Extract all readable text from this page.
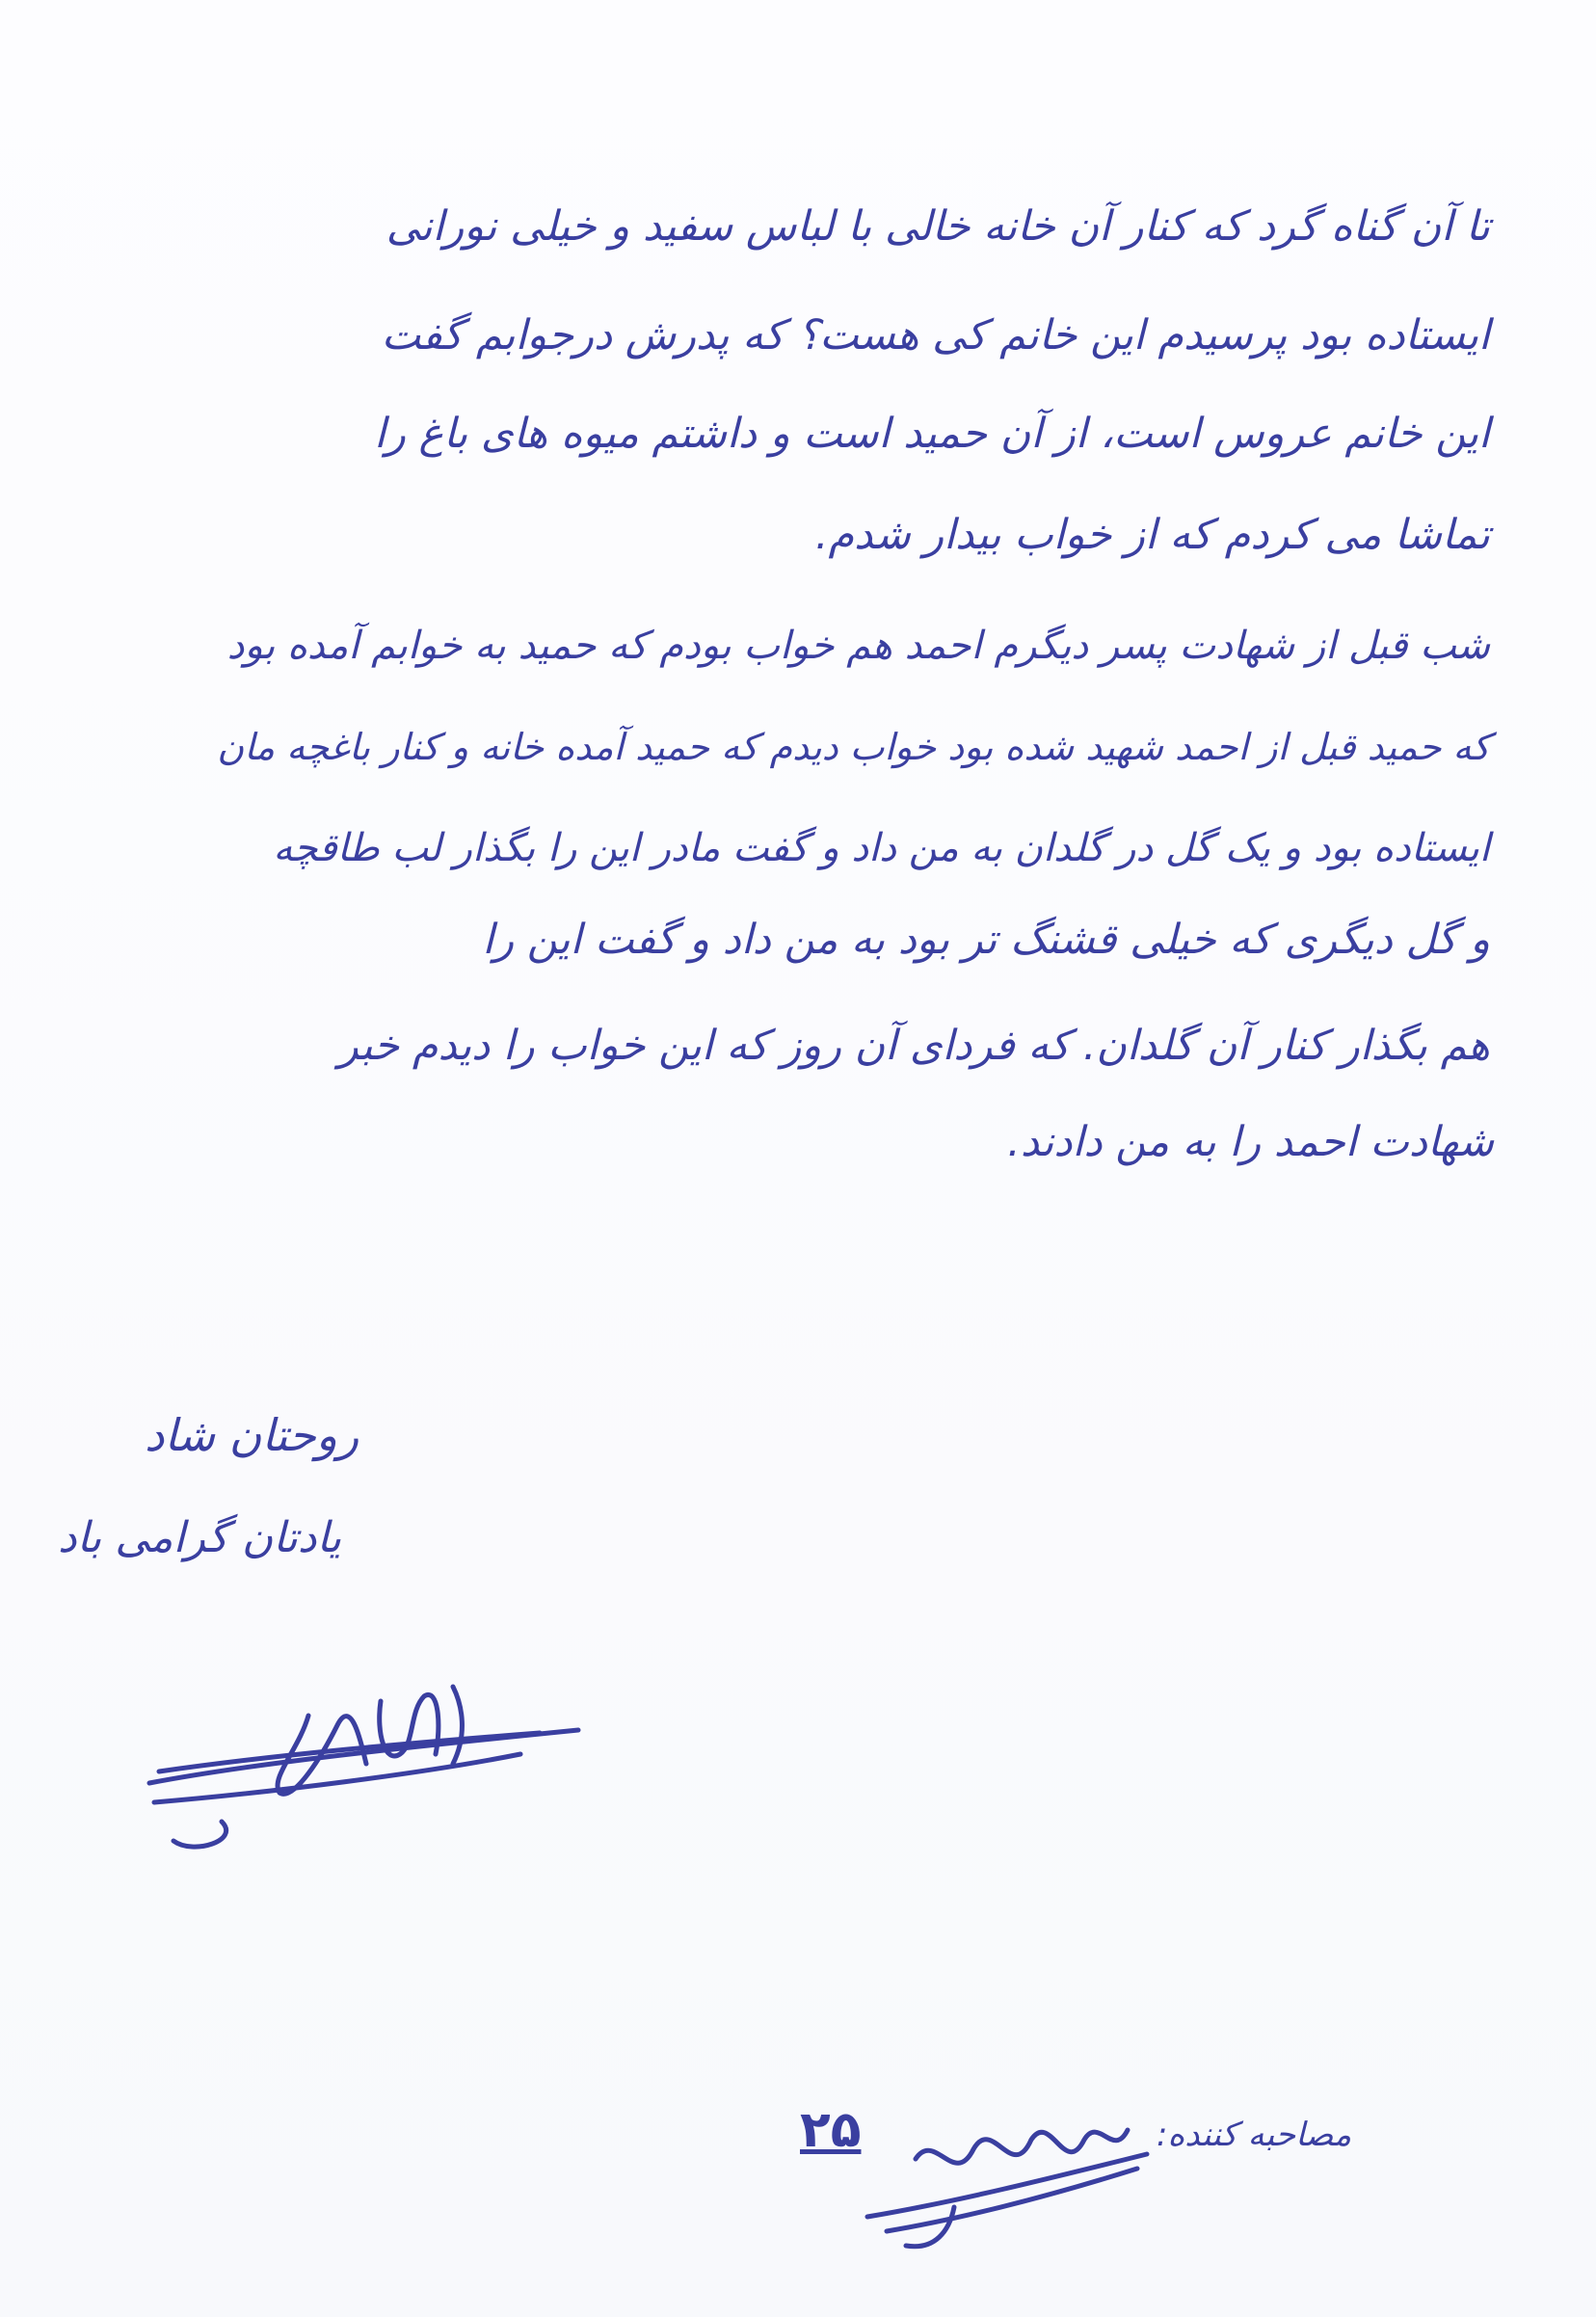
تا آن گناه گرد که کنار آن خانه خالی با لباس سفید و خیلی نورانی
ایستاده بود پرسیدم این خانم کی هست؟ که پدرش درجوابم گفت
این خانم عروس است، از آن حمید است و داشتم میوه های باغ را
تماشا می کردم که از خواب بیدار شدم.
شب قبل از شهادت پسر دیگرم احمد هم خواب بودم که حمید به خوابم آمده بود
که حمید قبل از احمد شهید شده بود خواب دیدم که حمید آمده خانه و کنار باغچه مان
ایستاده بود و یک گل در گلدان به من داد و گفت مادر این را بگذار لب طاقچه
و گل دیگری که خیلی قشنگ تر بود به من داد و گفت این را
هم بگذار کنار آن گلدان. که فردای آن روز که این خواب را دیدم خبر
شهادت احمد را به من دادند.
روحتان شاد
یادتان گرامی باد
مصاحبه کننده:
۲۵
